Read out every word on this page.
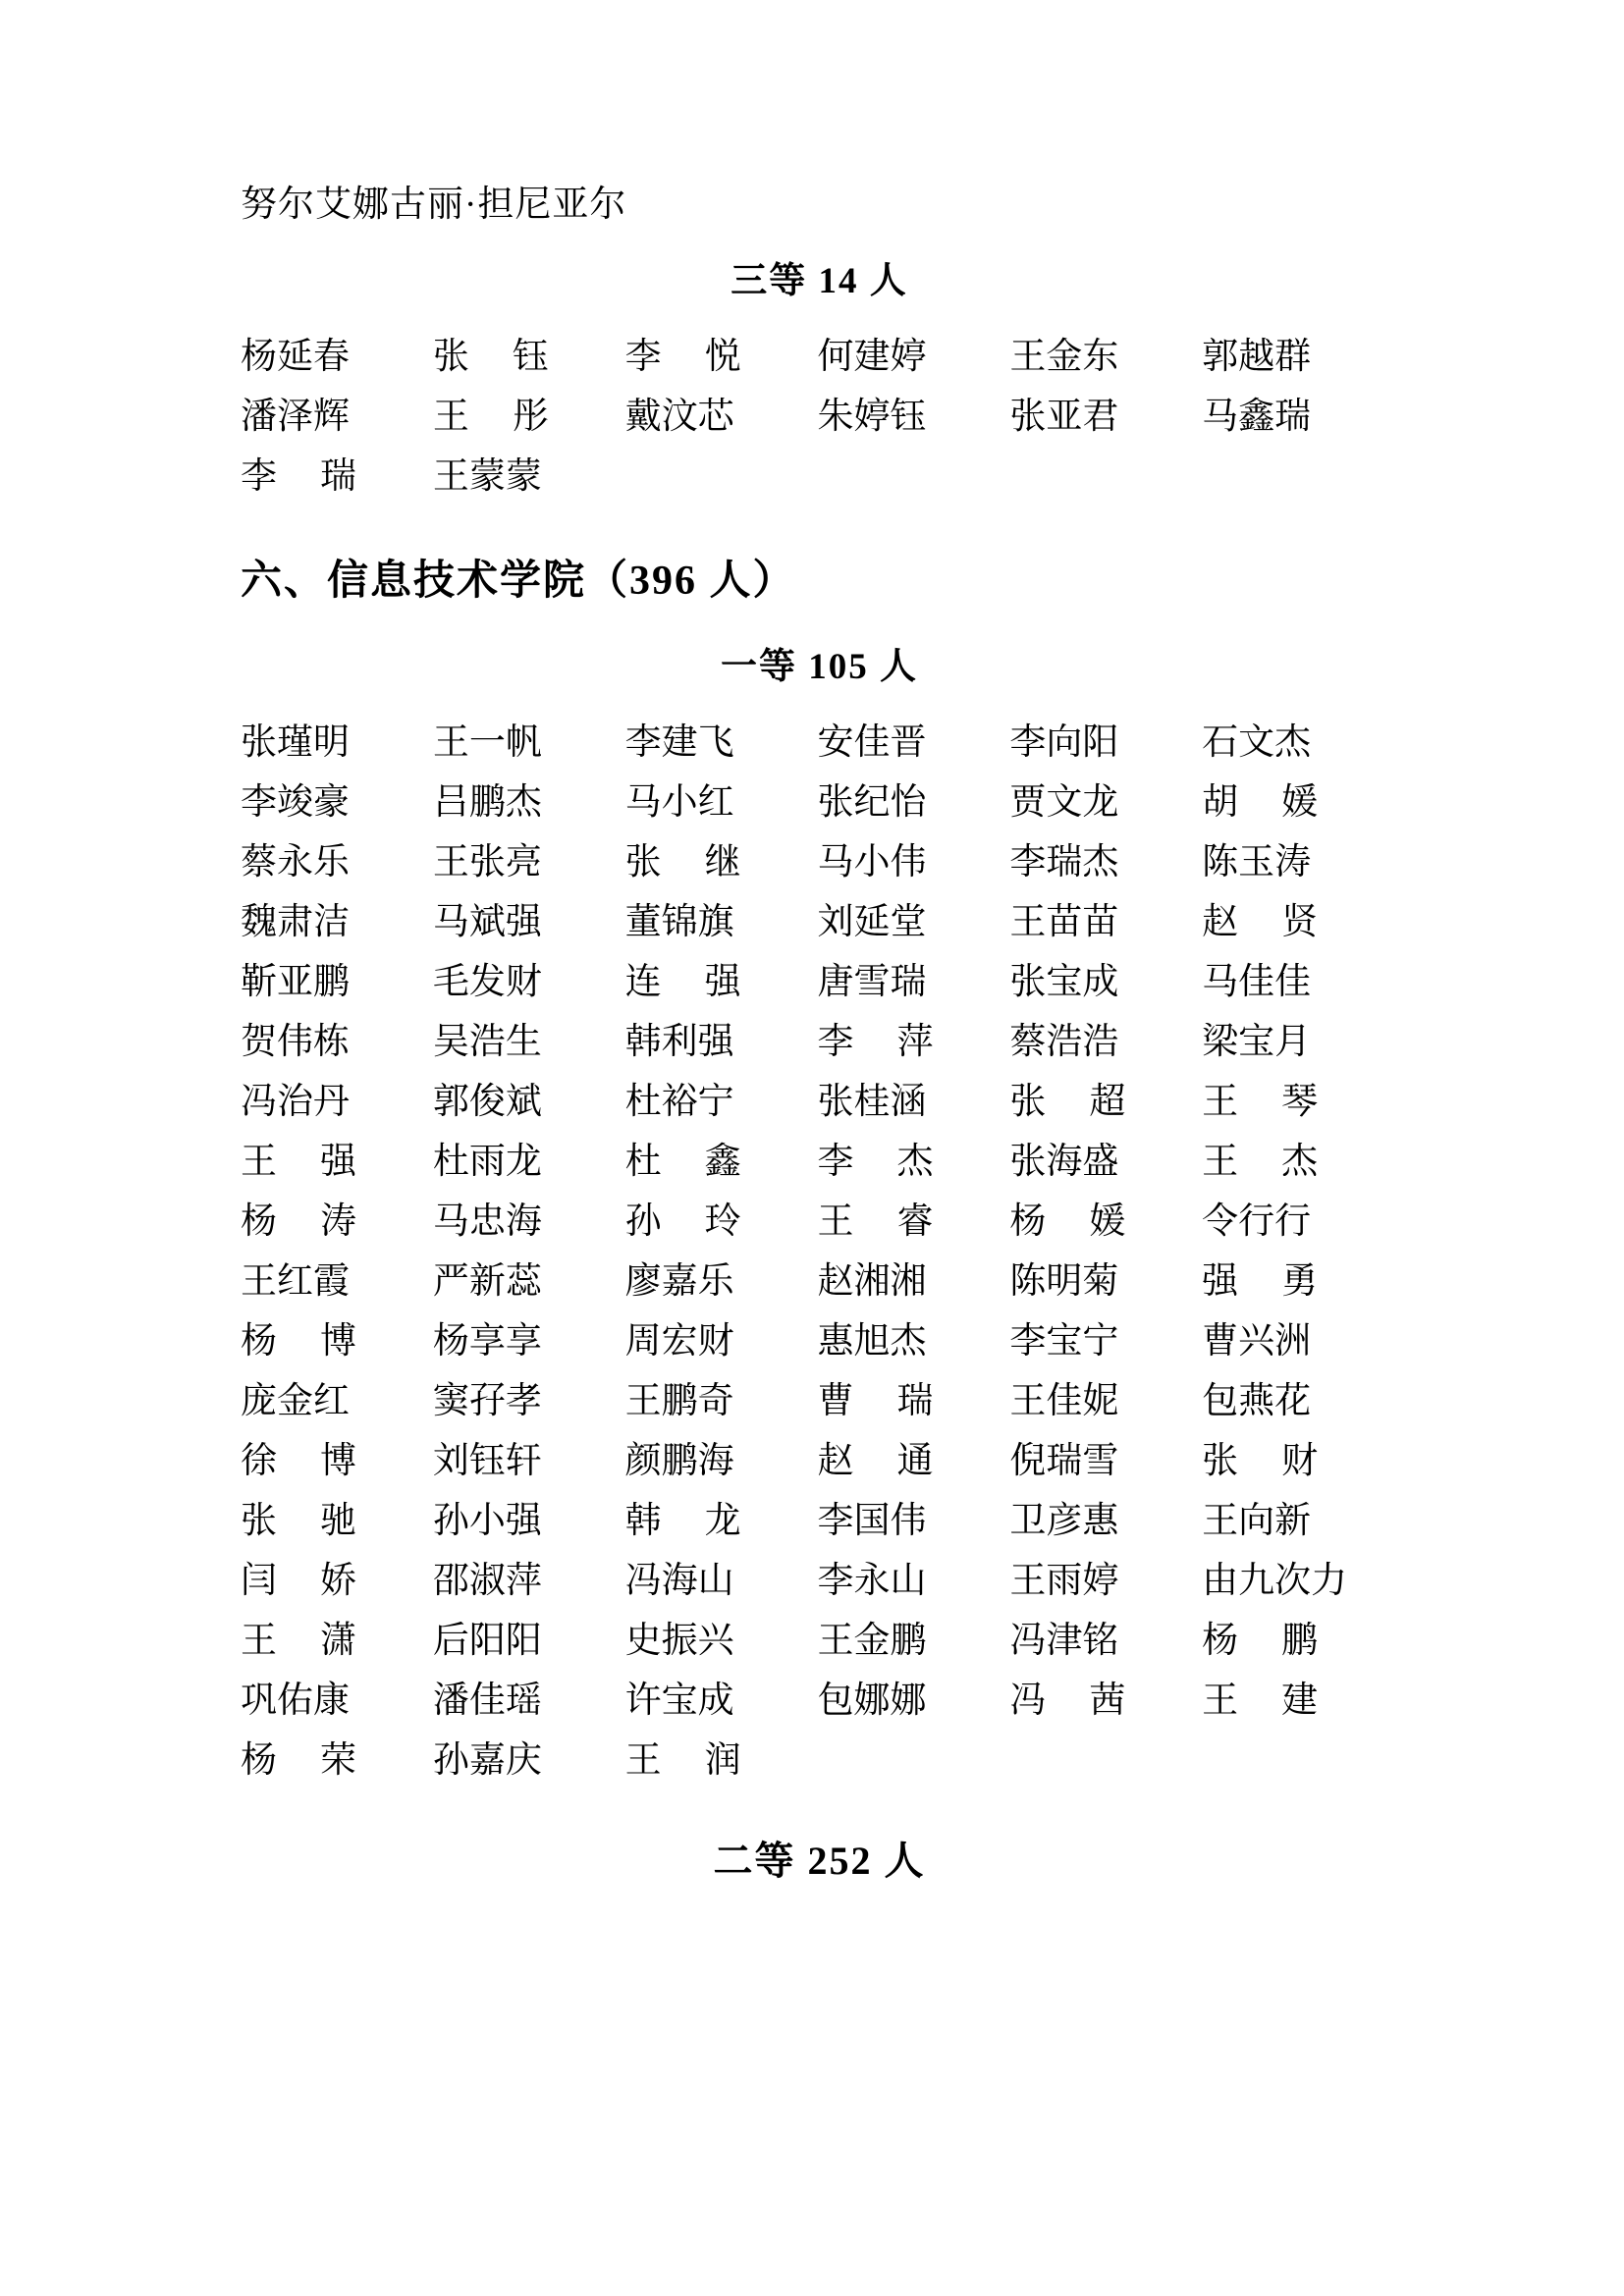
努尔艾娜古丽·担尼亚尔
三等 14 人
杨延春	张钰	李悦	何建婷	王金东	郭越群
潘泽辉	王彤	戴汶芯	朱婷钰	张亚君	马鑫瑞
李瑞	王蒙蒙
六、信息技术学院（396 人）
一等 105 人
张瑾明	王一帆	李建飞	安佳晋	李向阳	石文杰
李竣豪	吕鹏杰	马小红	张纪怡	贾文龙	胡媛
蔡永乐	王张亮	张继	马小伟	李瑞杰	陈玉涛
魏肃洁	马斌强	董锦旗	刘延堂	王苗苗	赵贤
靳亚鹏	毛发财	连强	唐雪瑞	张宝成	马佳佳
贺伟栋	吴浩生	韩利强	李萍	蔡浩浩	梁宝月
冯治丹	郭俊斌	杜裕宁	张桂涵	张超	王琴
王强	杜雨龙	杜鑫	李杰	张海盛	王杰
杨涛	马忠海	孙玲	王睿	杨媛	令行行
王红霞	严新蕊	廖嘉乐	赵湘湘	陈明菊	强勇
杨博	杨享享	周宏财	惠旭杰	李宝宁	曹兴洲
庞金红	窦孖孝	王鹏奇	曹瑞	王佳妮	包燕花
徐博	刘钰轩	颜鹏海	赵通	倪瑞雪	张财
张驰	孙小强	韩龙	李国伟	卫彦惠	王向新
闫娇	邵淑萍	冯海山	李永山	王雨婷	由九次力
王潇	后阳阳	史振兴	王金鹏	冯津铭	杨鹏
巩佑康	潘佳瑶	许宝成	包娜娜	冯茜	王建
杨荣	孙嘉庆	王润
二等 252 人
